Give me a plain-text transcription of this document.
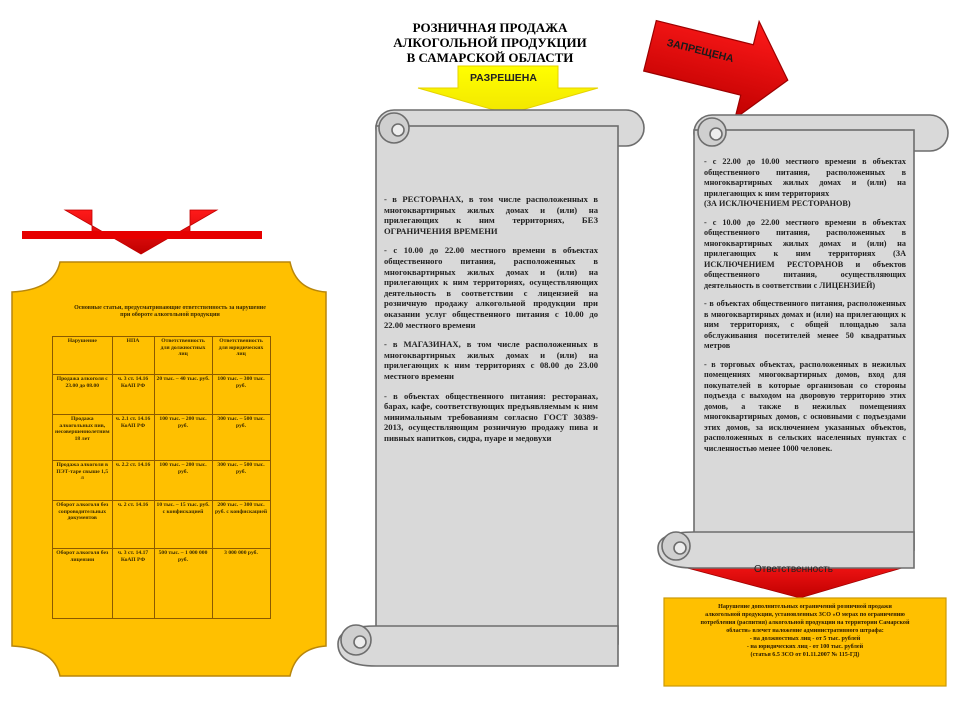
РОЗНИЧНАЯ ПРОДАЖА
АЛКОГОЛЬНОЙ ПРОДУКЦИИ
В САМАРСКОЙ ОБЛАСТИ
РАЗРЕШЕНА
ЗАПРЕЩЕНА
Ответственность

- в РЕСТОРАНАХ, в том числе расположенных в многоквартирных жилых домах и (или) на прилегающих к ним территориях, БЕЗ ОГРАНИЧЕНИЯ ВРЕМЕНИ

- с 10.00 до 22.00 местного времени в объектах общественного питания, расположенных в многоквартирных жилых домах и (или) на прилегающих к ним территориях, осуществляющих деятельность в соответствии с лицензией на розничную продажу алкогольной продукции при оказании услуг общественного питания с 10.00 до 22.00 местного времени

- в МАГАЗИНАХ, в том числе расположенных в многоквартирных жилых домах и (или) на прилегающих к ним территориях с 08.00 до 23.00 местного времени

- в объектах общественного питания: ресторанах, барах, кафе, соответствующих предъявляемым к ним минимальным требованиям согласно ГОСТ 30389-2013, осуществляющим розничную продажу пива и пивных напитков, сидра, пуаре и медовухи

- с 22.00 до 10.00 местного времени в объектах общественного питания, расположенных в многоквартирных жилых домах и (или) на прилегающих к ним территориях

(ЗА ИСКЛЮЧЕНИЕМ РЕСТОРАНОВ)

- с 10.00 до 22.00 местного времени в объектах общественного питания, расположенных в многоквартирных жилых домах и (или) на прилегающих к ним территориях (ЗА ИСКЛЮЧЕНИЕМ РЕСТОРАНОВ и объектов общественного питания, осуществляющих деятельность в соответствии с ЛИЦЕНЗИЕЙ)

- в объектах общественного питания, расположенных в многоквартирных домах и (или) на прилегающих к ним территориях, с общей площадью зала обслуживания посетителей менее 50 квадратных метров

- в торговых объектах, расположенных в нежилых помещениях многоквартирных домов, вход для покупателей в которые организован со стороны подъезда с выходом на дворовую территорию этих домов, а также в нежилых помещениях многоквартирных домов, с основными с подъездами этих домов, за исключением указанных объектов, расположенных в сельских населенных пунктах с численностью менее 1000 человек.

Основные статьи, предусматривающие ответственность за нарушение при обороте алкогольной продукции
Нарушение	НПА	Ответственность для должностных лиц	Ответственность для юридических лиц
Продажа алкоголя с 23.00 до 08.00	ч. 3 ст. 14.16 КоАП РФ	20 тыс. – 40 тыс. руб.	100 тыс. – 300 тыс. руб.
Продажа алкогольных пив, несовершеннолетним 18 лет	ч. 2.1 ст. 14.16 КоАП РФ	100 тыс. – 200 тыс. руб.	300 тыс. – 500 тыс. руб.
Продажа алкоголя в ПЭТ-таре свыше 1,5 л	ч. 2.2 ст. 14.16	100 тыс. – 200 тыс. руб.	300 тыс. – 500 тыс. руб.
Оборот алкоголя без сопроводительных документов	ч. 2 ст. 14.16	10 тыс. – 15 тыс. руб. с конфискацией	200 тыс. – 300 тыс. руб. с конфискацией
Оборот алкоголя без лицензии	ч. 3 ст. 14.17 КоАП РФ	500 тыс. – 1 000 000 руб.	3 000 000 руб.
Нарушение дополнительных ограничений розничной продажи
алкогольной продукции, установленных ЗСО «О мерах по ограничению
потребления (распития) алкогольной продукции на территории Самарской
области» влечет наложение административного штрафа:
- на должностных лиц - от 5 тыс. рублей
- на юридических лиц - от 100 тыс. рублей
(статья 6.5 ЗСО от 01.11.2007 № 115-ГД)
